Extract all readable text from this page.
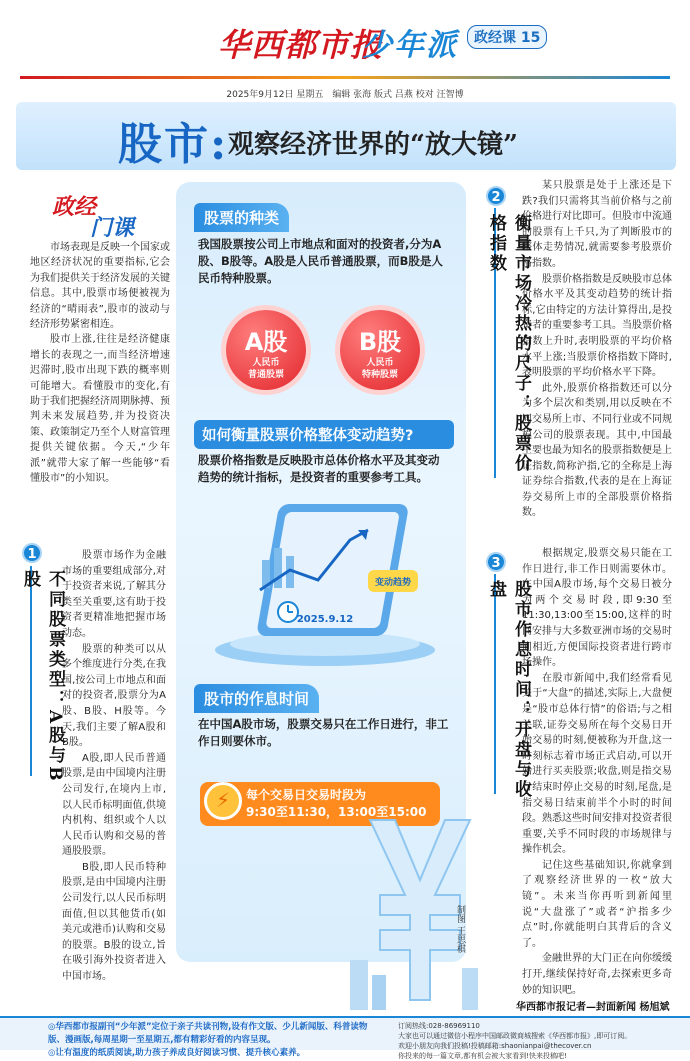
华西都市报
少年派	政经课 15
2025年9月12日 星期五　编辑 张海 版式 吕燕 校对 汪智博
股市: 观察经济世界的“放大镜”
政经
门课

市场表现是反映一个国家或地区经济状况的重要指标,它会为我们提供关于经济发展的关键信息。其中,股票市场便被视为经济的“晴雨表”,股市的波动与经济形势紧密相连。

股市上涨,往往是经济健康增长的表现之一,而当经济增速迟滞时,股市出现下跌的概率则可能增大。看懂股市的变化,有助于我们把握经济周期脉搏、预判未来发展趋势,并为投资决策、政策制定乃至个人财富管理提供关键依据。今天,“少年派”就带大家了解一些能够“看懂股市”的小知识。

1
不同股票类型：A股与B股

股票市场作为金融市场的重要组成部分,对于投资者来说,了解其分类至关重要,这有助于投资者更精准地把握市场动态。

股票的种类可以从多个维度进行分类,在我国,按公司上市地点和面对的投资者,股票分为A股、B股、H股等。今天,我们主要了解A股和B股。

A股,即人民币普通股票,是由中国境内注册公司发行,在境内上市,以人民币标明面值,供境内机构、组织或个人以人民币认购和交易的普通股股票。

B股,即人民币特种股票,是由中国境内注册公司发行,以人民币标明面值,但以其他货币(如美元或港币)认购和交易的股票。B股的设立,旨在吸引海外投资者进入中国市场。

股票的种类
我国股票按公司上市地点和面对的投资者,分为A股、B股等。A股是人民币普通股票，而B股是人民币特种股票。
A股
人民币
普通股票
B股
人民币
特种股票
如何衡量股票价格整体变动趋势?
股票价格指数是反映股市总体价格水平及其变动趋势的统计指标，是投资者的重要参考工具。
变动趋势
2025.9.12
股市的作息时间
在中国A股市场，股票交易只在工作日进行，非工作日则要休市。
每个交易日交易时段为
9:30至11:30，13:00至15:00
⚡
制图 王思棋
2
衡量市场冷热的尺子：股票价格指数

某只股票是处于上涨还是下跌?我们只需将其当前价格与之前价格进行对比即可。但股市中流通的股票有上千只,为了判断股市的整体走势情况,就需要参考股票价格指数。

股票价格指数是反映股市总体价格水平及其变动趋势的统计指标,它由特定的方法计算得出,是投资者的重要参考工具。当股票价格指数上升时,表明股票的平均价格水平上涨;当股票价格指数下降时,表明股票的平均价格水平下降。

此外,股票价格指数还可以分为多个层次和类别,用以反映在不同交易所上市、不同行业或不同规模公司的股票表现。其中,中国最主要也最为知名的股票指数便是上证指数,简称沪指,它的全称是上海证券综合指数,代表的是在上海证券交易所上市的全部股票价格指数。

3
股市作息时间：开盘与收盘

根据规定,股票交易只能在工作日进行,非工作日则需要休市。在中国A股市场,每个交易日被分为两个交易时段,即9:30至11:30,13:00至15:00,这样的时间安排与大多数亚洲市场的交易时间相近,方便国际投资者进行跨市场操作。

在股市新闻中,我们经常看见关于“大盘”的描述,实际上,大盘便是“股市总体行情”的俗语;与之相关联,证券交易所在每个交易日开始交易的时刻,便被称为开盘,这一时刻标志着市场正式启动,可以开始进行买卖股票;收盘,则是指交易日结束时停止交易的时刻,尾盘,是指交易日结束前半个小时的时间段。熟悉这些时间安排对投资者很重要,关乎不同时段的市场规律与操作机会。

记住这些基础知识,你就拿到了观察经济世界的一枚“放大镜”。未来当你再听到新闻里说“大盘涨了”或者“沪指多少点”时,你就能明白其背后的含义了。

金融世界的大门正在向你缓缓打开,继续保持好奇,去探索更多奇妙的知识吧。

华西都市报记者—封面新闻 杨旭斌
◎华西都市报副刊“少年派”定位于亲子共读刊物,设有作文版、少儿新闻版、科普读物版、漫画版,每周星期一至星期五,都有精彩好看的内容呈现。
◎让有温度的纸质阅读,助力孩子养成良好阅读习惯、提升核心素养。
订阅热线:028-86969110
大家也可以通过微信小程序中国邮政微商城搜索《华西都市报》,即可订阅。
欢迎小朋友向我们投稿!投稿邮箱:shaonianpai@thecover.cn
你投来的每一篇文章,都有机会被大家看到!快来投稿吧!
